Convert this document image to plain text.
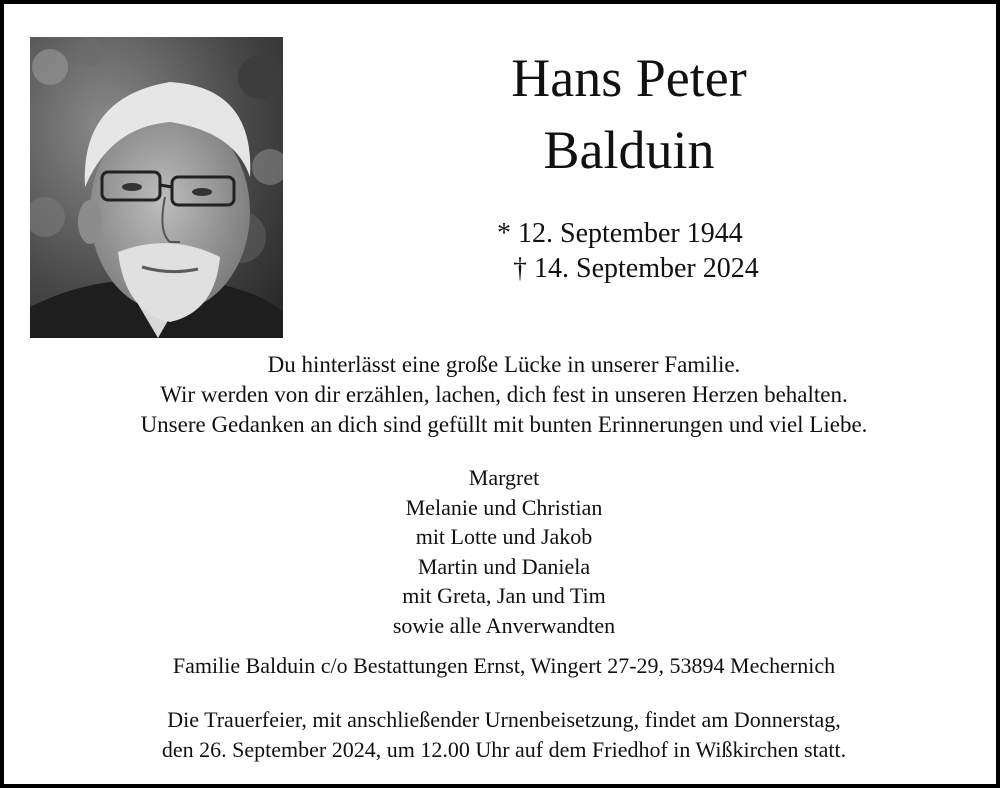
Hans Peter
Balduin
* 12. September 1944
† 14. September 2024
Du hinterlässt eine große Lücke in unserer Familie.
Wir werden von dir erzählen, lachen, dich fest in unseren Herzen behalten.
Unsere Gedanken an dich sind gefüllt mit bunten Erinnerungen und viel Liebe.
Margret
Melanie und Christian
mit Lotte und Jakob
Martin und Daniela
mit Greta, Jan und Tim
sowie alle Anverwandten
Familie Balduin c/o Bestattungen Ernst, Wingert 27-29, 53894 Mechernich
Die Trauerfeier, mit anschließender Urnenbeisetzung, findet am Donnerstag,
den 26. September 2024, um 12.00 Uhr auf dem Friedhof in Wißkirchen statt.
